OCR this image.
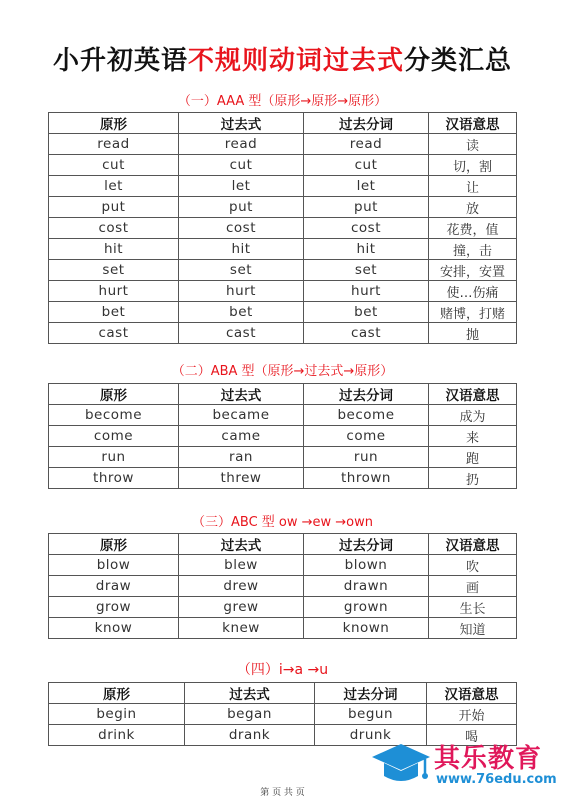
小升初英语不规则动词过去式分类汇总
（一）AAA 型（原形→原形→原形）
原形	过去式	过去分词	汉语意思
read	read	read	读
cut	cut	cut	切，割
let	let	let	让
put	put	put	放
cost	cost	cost	花费，值
hit	hit	hit	撞，击
set	set	set	安排，安置
hurt	hurt	hurt	使…伤痛
bet	bet	bet	赌博，打赌
cast	cast	cast	抛
（二）ABA 型（原形→过去式→原形）
原形	过去式	过去分词	汉语意思
become	became	become	成为
come	came	come	来
run	ran	run	跑
throw	threw	thrown	扔
（三）ABC 型 ow →ew →own
原形	过去式	过去分词	汉语意思
blow	blew	blown	吹
draw	drew	drawn	画
grow	grew	grown	生长
know	knew	known	知道
（四）i→a →u
原形	过去式	过去分词	汉语意思
begin	began	begun	开始
drink	drank	drunk	喝
第 页 共 页
其乐教育
www.76edu.com
